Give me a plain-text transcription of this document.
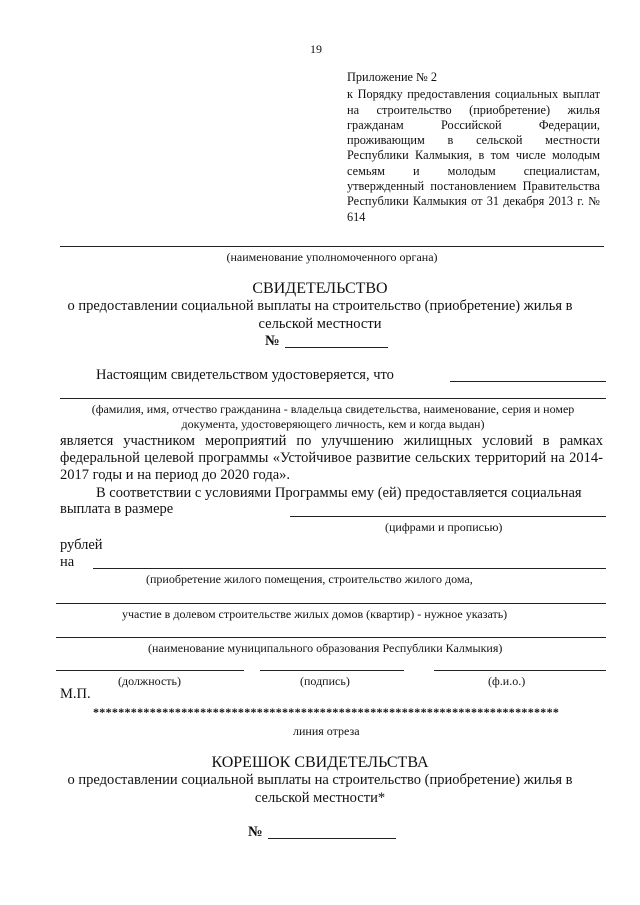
19
Приложение № 2
к Порядку предоставления социальных выплат на строительство (приобретение) жилья гражданам Российской Федерации, проживающим в сельской местности Республики Калмыкия, в том числе молодым семьям и молодым специалистам, утвержденный постановлением Правительства Республики Калмыкия от 31 декабря 2013 г. № 614
(наименование уполномоченного органа)
СВИДЕТЕЛЬСТВО
о предоставлении социальной выплаты на строительство (приобретение) жилья в
сельской местности
№
Настоящим свидетельством удостоверяется, что
(фамилия, имя, отчество гражданина - владельца свидетельства, наименование, серия и номер
документа, удостоверяющего личность, кем и когда выдан)
является участником мероприятий по улучшению жилищных условий в рамках федеральной целевой программы «Устойчивое развитие сельских территорий на 2014-2017 годы и на период до 2020 года».
В соответствии с условиями Программы ему (ей) предоставляется социальная
выплата в размере
(цифрами и прописью)
рублей
на
(приобретение жилого помещения, строительство жилого дома,
участие в долевом строительстве жилых домов (квартир) - нужное указать)
(наименование муниципального образования Республики Калмыкия)
(должность)	(подпись)	(ф.и.о.)
М.П.
**************************************************************************
линия отреза
КОРЕШОК СВИДЕТЕЛЬСТВА
о предоставлении социальной выплаты на строительство (приобретение) жилья в
сельской местности*
№
